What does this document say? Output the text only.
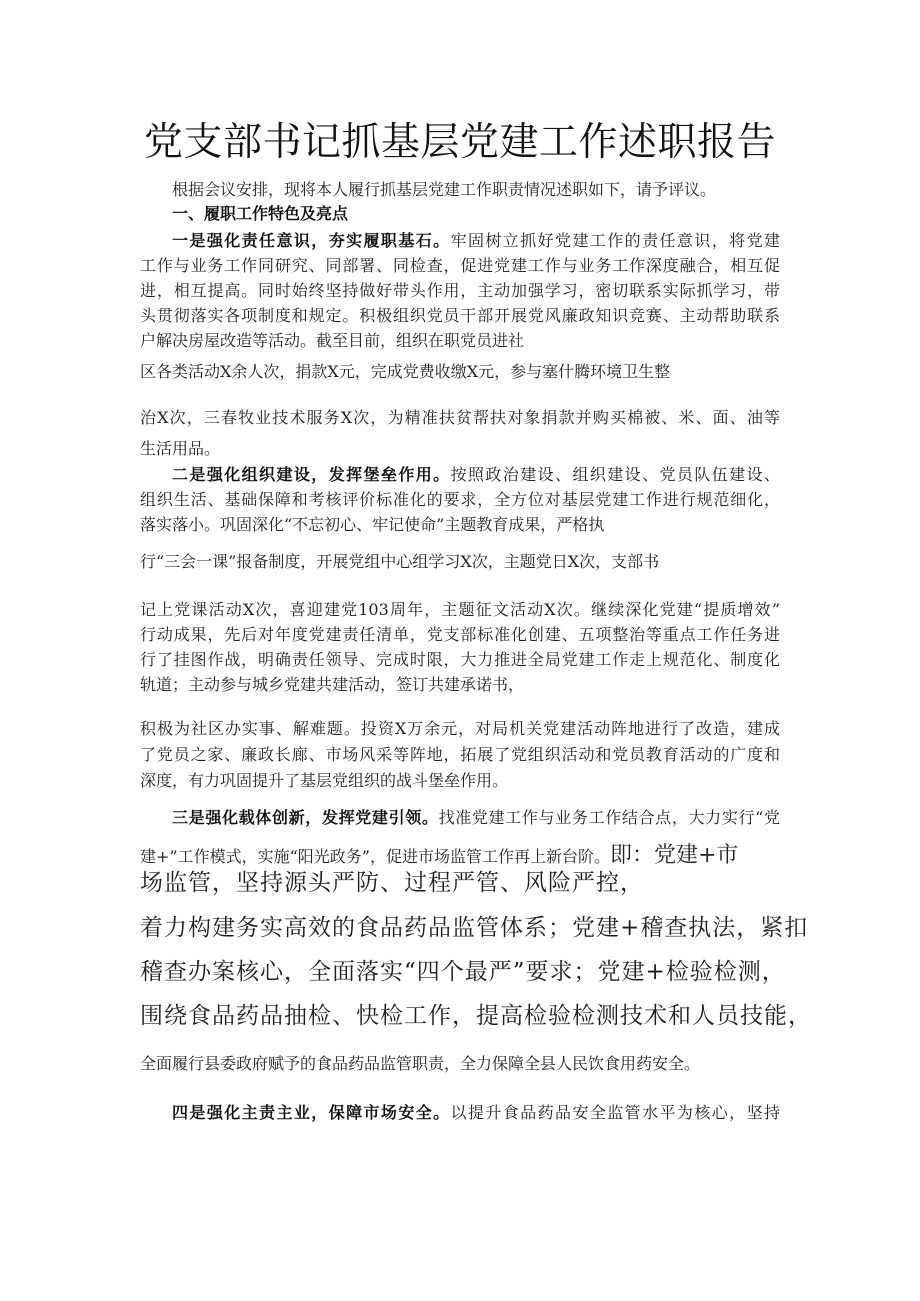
党支部书记抓基层党建工作述职报告
根据会议安排，现将本人履行抓基层党建工作职责情况述职如下，请予评议。
一、履职工作特色及亮点
一是强化责任意识，夯实履职基石。牢固树立抓好党建工作的责任意识，将党建
工作与业务工作同研究、同部署、同检查，促进党建工作与业务工作深度融合，相互促
进，相互提高。同时始终坚持做好带头作用，主动加强学习，密切联系实际抓学习，带
头贯彻落实各项制度和规定。积极组织党员干部开展党风廉政知识竞赛、主动帮助联系
户解决房屋改造等活动。截至目前，组织在职党员进社
区各类活动X余人次，捐款X元，完成党费收缴X元，参与塞什腾环境卫生整
治X次，三春牧业技术服务X次，为精准扶贫帮扶对象捐款并购买棉被、米、面、油等
生活用品。
二是强化组织建设，发挥堡垒作用。按照政治建设、组织建设、党员队伍建设、
组织生活、基础保障和考核评价标准化的要求，全方位对基层党建工作进行规范细化，
落实落小。巩固深化“不忘初心、牢记使命”主题教育成果，严格执
行“三会一课”报备制度，开展党组中心组学习X次，主题党日X次，支部书
记上党课活动X次，喜迎建党103周年，主题征文活动X次。继续深化党建“提质增效”
行动成果，先后对年度党建责任清单，党支部标准化创建、五项整治等重点工作任务进
行了挂图作战，明确责任领导、完成时限，大力推进全局党建工作走上规范化、制度化
轨道；主动参与城乡党建共建活动，签订共建承诺书，
积极为社区办实事、解难题。投资X万余元，对局机关党建活动阵地进行了改造，建成
了党员之家、廉政长廊、市场风采等阵地，拓展了党组织活动和党员教育活动的广度和
深度，有力巩固提升了基层党组织的战斗堡垒作用。
三是强化载体创新，发挥党建引领。找准党建工作与业务工作结合点，大力实行“党
建+”工作模式，实施“阳光政务”，促进市场监管工作再上新台阶。即：党建+市
场监管，坚持源头严防、过程严管、风险严控，
着力构建务实高效的食品药品监管体系；党建+稽查执法，紧扣
稽查办案核心，全面落实“四个最严”要求；党建+检验检测，
围绕食品药品抽检、快检工作，提高检验检测技术和人员技能，
全面履行县委政府赋予的食品药品监管职责，全力保障全县人民饮食用药安全。
四是强化主责主业，保障市场安全。以提升食品药品安全监管水平为核心，坚持
